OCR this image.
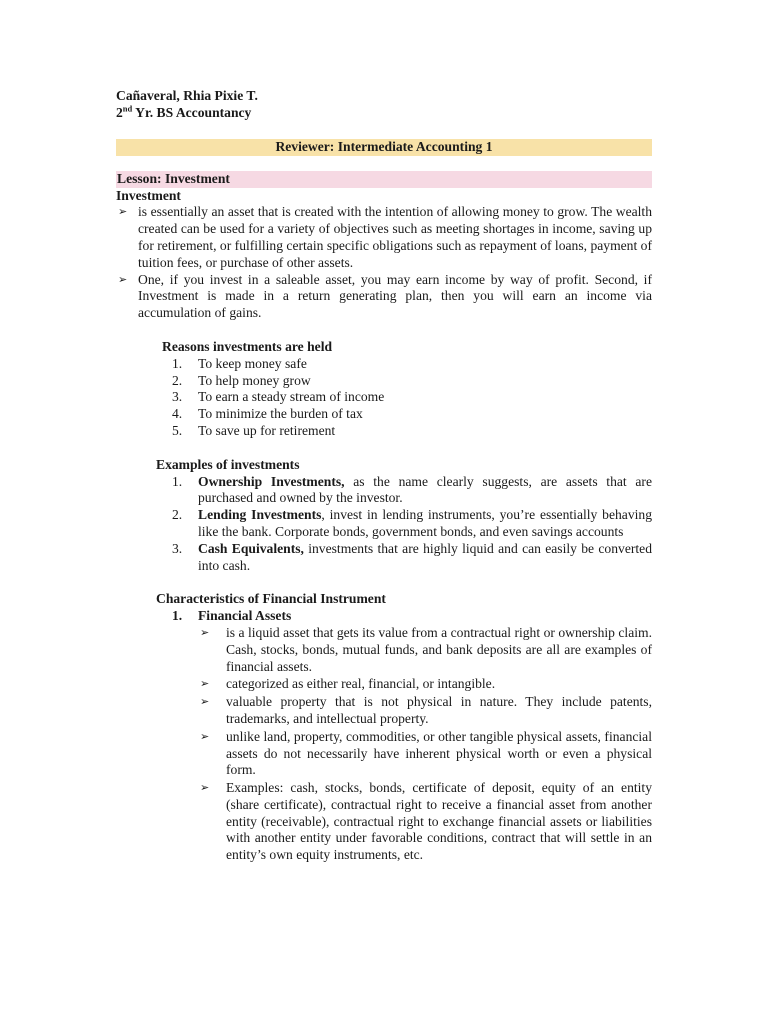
Cañaveral, Rhia Pixie T.
2nd Yr. BS Accountancy
Reviewer: Intermediate Accounting 1
Lesson: Investment
Investment
➢ is essentially an asset that is created with the intention of allowing money to grow. The wealth created can be used for a variety of objectives such as meeting shortages in income, saving up for retirement, or fulfilling certain specific obligations such as repayment of loans, payment of tuition fees, or purchase of other assets.
➢ One, if you invest in a saleable asset, you may earn income by way of profit. Second, if Investment is made in a return generating plan, then you will earn an income via accumulation of gains.
Reasons investments are held
1.	To keep money safe
2.	To help money grow
3.	To earn a steady stream of income
4.	To minimize the burden of tax
5.	To save up for retirement
Examples of investments
1.	Ownership Investments, as the name clearly suggests, are assets that are purchased and owned by the investor.
2.	Lending Investments, invest in lending instruments, you’re essentially behaving like the bank. Corporate bonds, government bonds, and even savings accounts
3.	Cash Equivalents, investments that are highly liquid and can easily be converted into cash.
Characteristics of Financial Instrument
1.	Financial Assets
➢	is a liquid asset that gets its value from a contractual right or ownership claim. Cash, stocks, bonds, mutual funds, and bank deposits are all are examples of financial assets.
➢	categorized as either real, financial, or intangible.
➢	valuable property that is not physical in nature. They include patents, trademarks, and intellectual property.
➢	unlike land, property, commodities, or other tangible physical assets, financial assets do not necessarily have inherent physical worth or even a physical form.
➢	Examples: cash, stocks, bonds, certificate of deposit, equity of an entity (share certificate), contractual right to receive a financial asset from another entity (receivable), contractual right to exchange financial assets or liabilities with another entity under favorable conditions, contract that will settle in an entity’s own equity instruments, etc.
